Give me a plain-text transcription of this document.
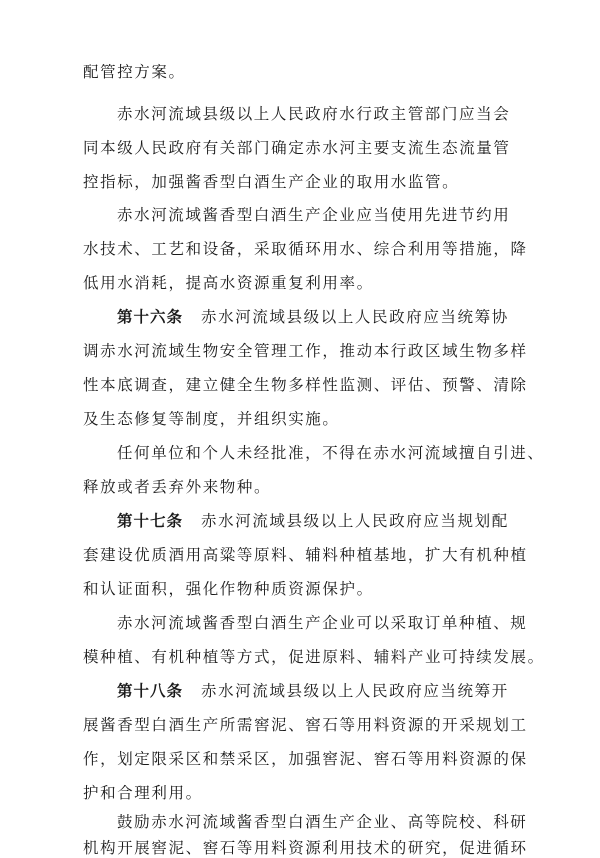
配管控方案。
赤水河流域县级以上人民政府水行政主管部门应当会
同本级人民政府有关部门确定赤水河主要支流生态流量管
控指标，加强酱香型白酒生产企业的取用水监管。
赤水河流域酱香型白酒生产企业应当使用先进节约用
水技术、工艺和设备，采取循环用水、综合利用等措施，降
低用水消耗，提高水资源重复利用率。
第十六条 赤水河流域县级以上人民政府应当统筹协
调赤水河流域生物安全管理工作，推动本行政区域生物多样
性本底调查，建立健全生物多样性监测、评估、预警、清除
及生态修复等制度，并组织实施。
任何单位和个人未经批准，不得在赤水河流域擅自引进、
释放或者丢弃外来物种。
第十七条 赤水河流域县级以上人民政府应当规划配
套建设优质酒用高粱等原料、辅料种植基地，扩大有机种植
和认证面积，强化作物种质资源保护。
赤水河流域酱香型白酒生产企业可以采取订单种植、规
模种植、有机种植等方式，促进原料、辅料产业可持续发展。
第十八条 赤水河流域县级以上人民政府应当统筹开
展酱香型白酒生产所需窖泥、窖石等用料资源的开采规划工
作，划定限采区和禁采区，加强窖泥、窖石等用料资源的保
护和合理利用。
鼓励赤水河流域酱香型白酒生产企业、高等院校、科研
机构开展窖泥、窖石等用料资源利用技术的研究，促进循环
